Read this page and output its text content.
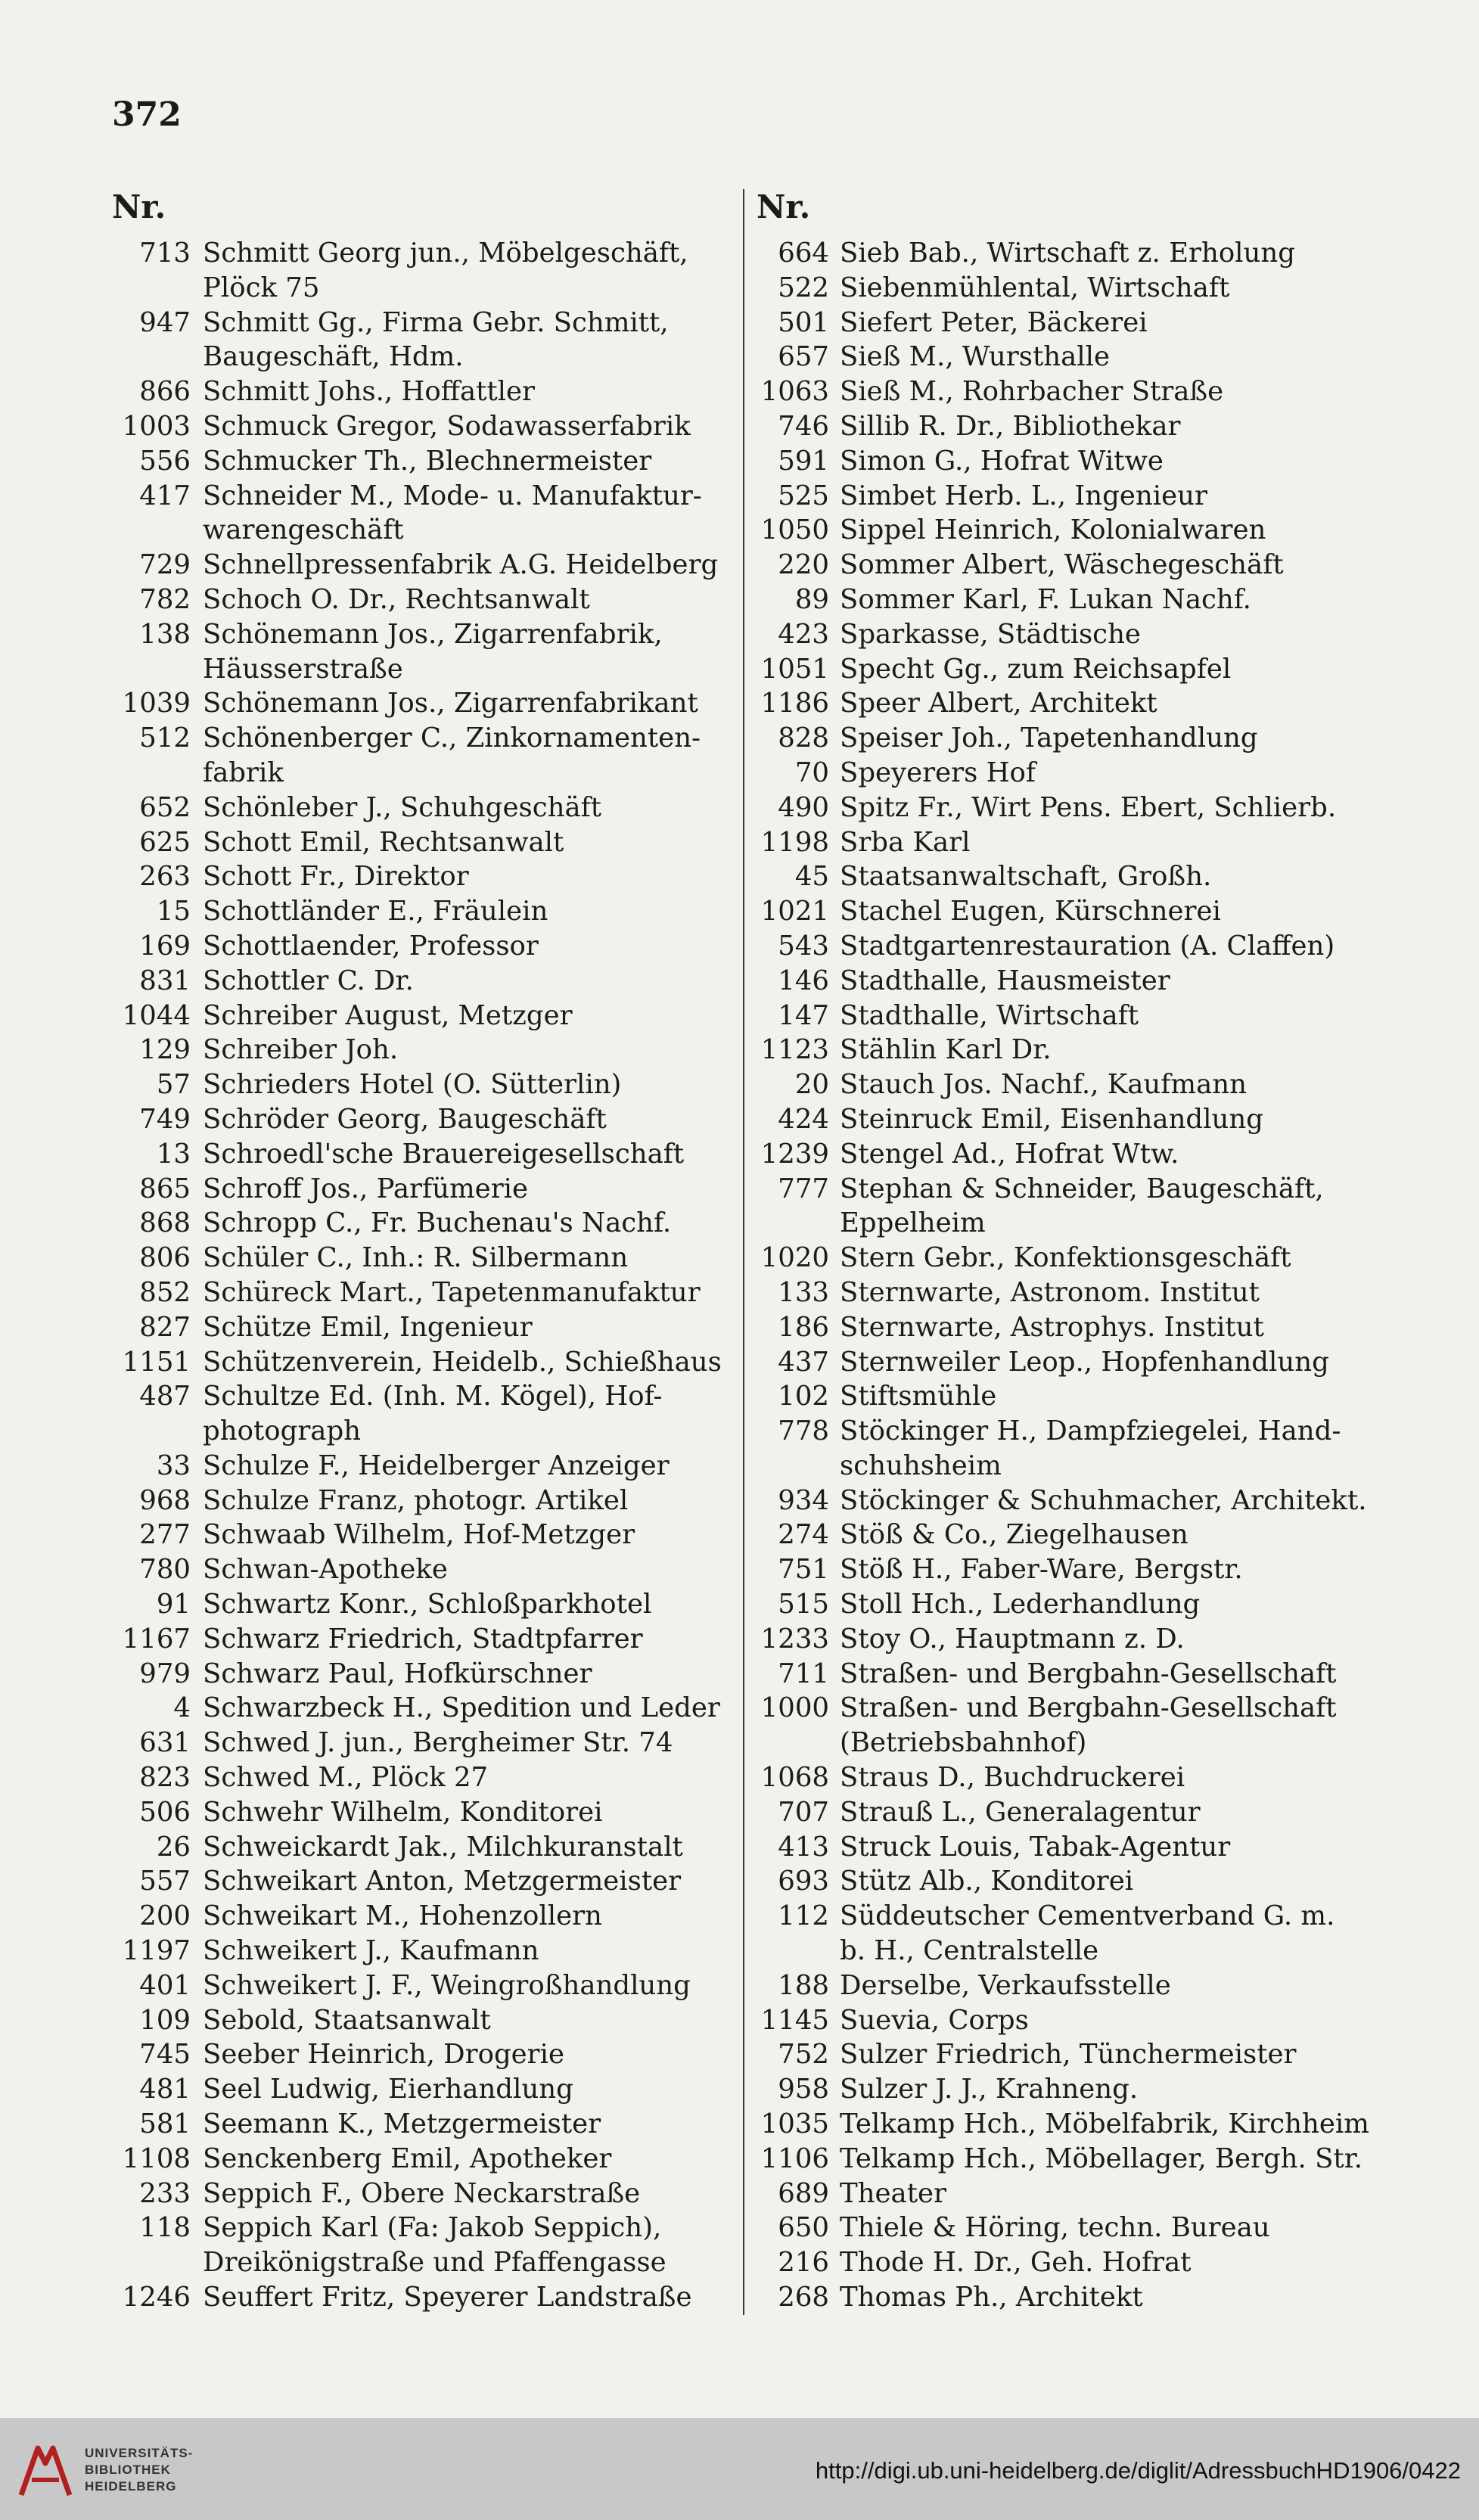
372
Nr.
713 Schmitt Georg jun., Möbelgeschäft,
Plöck 75
947 Schmitt Gg., Firma Gebr. Schmitt,
Baugeschäft, Hdm.
866 Schmitt Johs., Hoffattler
1003 Schmuck Gregor, Sodawasserfabrik
556 Schmucker Th., Blechnermeister
417 Schneider M., Mode- u. Manufaktur-
warengeschäft
729 Schnellpressenfabrik A.G. Heidelberg
782 Schoch O. Dr., Rechtsanwalt
138 Schönemann Jos., Zigarrenfabrik,
Häusserstraße
1039 Schönemann Jos., Zigarrenfabrikant
512 Schönenberger C., Zinkornamenten-
fabrik
652 Schönleber J., Schuhgeschäft
625 Schott Emil, Rechtsanwalt
263 Schott Fr., Direktor
15 Schottländer E., Fräulein
169 Schottlaender, Professor
831 Schottler C. Dr.
1044 Schreiber August, Metzger
129 Schreiber Joh.
57 Schrieders Hotel (O. Sütterlin)
749 Schröder Georg, Baugeschäft
13 Schroedl'sche Brauereigesellschaft
865 Schroff Jos., Parfümerie
868 Schropp C., Fr. Buchenau's Nachf.
806 Schüler C., Inh.: R. Silbermann
852 Schüreck Mart., Tapetenmanufaktur
827 Schütze Emil, Ingenieur
1151 Schützenverein, Heidelb., Schießhaus
487 Schultze Ed. (Inh. M. Kögel), Hof-
photograph
33 Schulze F., Heidelberger Anzeiger
968 Schulze Franz, photogr. Artikel
277 Schwaab Wilhelm, Hof-Metzger
780 Schwan-Apotheke
91 Schwartz Konr., Schloßparkhotel
1167 Schwarz Friedrich, Stadtpfarrer
979 Schwarz Paul, Hofkürschner
4 Schwarzbeck H., Spedition und Leder
631 Schwed J. jun., Bergheimer Str. 74
823 Schwed M., Plöck 27
506 Schwehr Wilhelm, Konditorei
26 Schweickardt Jak., Milchkuranstalt
557 Schweikart Anton, Metzgermeister
200 Schweikart M., Hohenzollern
1197 Schweikert J., Kaufmann
401 Schweikert J. F., Weingroßhandlung
109 Sebold, Staatsanwalt
745 Seeber Heinrich, Drogerie
481 Seel Ludwig, Eierhandlung
581 Seemann K., Metzgermeister
1108 Senckenberg Emil, Apotheker
233 Seppich F., Obere Neckarstraße
118 Seppich Karl (Fa: Jakob Seppich),
Dreikönigstraße und Pfaffengasse
1246 Seuffert Fritz, Speyerer Landstraße
Nr.
664 Sieb Bab., Wirtschaft z. Erholung
522 Siebenmühlental, Wirtschaft
501 Siefert Peter, Bäckerei
657 Sieß M., Wursthalle
1063 Sieß M., Rohrbacher Straße
746 Sillib R. Dr., Bibliothekar
591 Simon G., Hofrat Witwe
525 Simbet Herb. L., Ingenieur
1050 Sippel Heinrich, Kolonialwaren
220 Sommer Albert, Wäschegeschäft
89 Sommer Karl, F. Lukan Nachf.
423 Sparkasse, Städtische
1051 Specht Gg., zum Reichsapfel
1186 Speer Albert, Architekt
828 Speiser Joh., Tapetenhandlung
70 Speyerers Hof
490 Spitz Fr., Wirt Pens. Ebert, Schlierb.
1198 Srba Karl
45 Staatsanwaltschaft, Großh.
1021 Stachel Eugen, Kürschnerei
543 Stadtgartenrestauration (A. Claffen)
146 Stadthalle, Hausmeister
147 Stadthalle, Wirtschaft
1123 Stählin Karl Dr.
20 Stauch Jos. Nachf., Kaufmann
424 Steinruck Emil, Eisenhandlung
1239 Stengel Ad., Hofrat Wtw.
777 Stephan & Schneider, Baugeschäft,
Eppelheim
1020 Stern Gebr., Konfektionsgeschäft
133 Sternwarte, Astronom. Institut
186 Sternwarte, Astrophys. Institut
437 Sternweiler Leop., Hopfenhandlung
102 Stiftsmühle
778 Stöckinger H., Dampfziegelei, Hand-
schuhsheim
934 Stöckinger & Schuhmacher, Architekt.
274 Stöß & Co., Ziegelhausen
751 Stöß H., Faber-Ware, Bergstr.
515 Stoll Hch., Lederhandlung
1233 Stoy O., Hauptmann z. D.
711 Straßen- und Bergbahn-Gesellschaft
1000 Straßen- und Bergbahn-Gesellschaft
(Betriebsbahnhof)
1068 Straus D., Buchdruckerei
707 Strauß L., Generalagentur
413 Struck Louis, Tabak-Agentur
693 Stütz Alb., Konditorei
112 Süddeutscher Cementverband G. m.
b. H., Centralstelle
188 Derselbe, Verkaufsstelle
1145 Suevia, Corps
752 Sulzer Friedrich, Tünchermeister
958 Sulzer J. J., Krahneng.
1035 Telkamp Hch., Möbelfabrik, Kirchheim
1106 Telkamp Hch., Möbellager, Bergh. Str.
689 Theater
650 Thiele & Höring, techn. Bureau
216 Thode H. Dr., Geh. Hofrat
268 Thomas Ph., Architekt
UNIVERSITÄTS-
BIBLIOTHEK
HEIDELBERG
http://digi.ub.uni-heidelberg.de/diglit/AdressbuchHD1906/0422
